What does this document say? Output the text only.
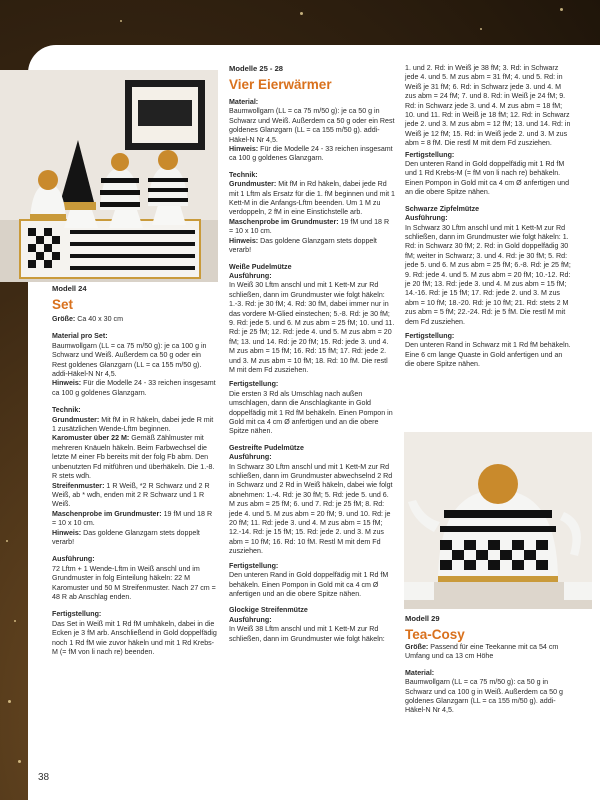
Modell 24

Set

Größe: Ca 40 x 30 cm

Material pro Set:

Baumwollgarn (LL = ca 75 m/50 g): je ca 100 g in Schwarz und Weiß. Außerdem ca 50 g oder ein Rest goldenes Glanzgarn (LL = ca 155 m/50 g). addi-Häkel-N Nr 4,5.

Hinweis: Für die Modelle 24 - 33 reichen insgesamt ca 100 g goldenes Glanzgarn.

Technik:

Grundmuster: Mit fM in R häkeln, dabei jede R mit 1 zusätzlichen Wende-Lftm beginnen.

Karomuster über 22 M: Gemäß Zählmuster mit mehreren Knäueln häkeln. Beim Farbwechsel die letzte M einer Fb bereits mit der folg Fb abm. Den unbenutzten Fd mitführen und überhäkeln. Die 1.-8. R stets wdh.

Streifenmuster: 1 R Weiß, *2 R Schwarz und 2 R Weiß, ab * wdh, enden mit 2 R Schwarz und 1 R Weiß.

Maschenprobe im Grundmuster: 19 fM und 18 R = 10 x 10 cm.

Hinweis: Das goldene Glanzgarn stets doppelt verarb!

Ausführung:

72 Lftm + 1 Wende-Lftm in Weiß anschl und im Grundmuster in folg Einteilung häkeln: 22 M Karomuster und 50 M Streifenmuster. Nach 27 cm = 48 R ab Anschlag enden.

Fertigstellung:

Das Set in Weiß mit 1 Rd fM umhäkeln, dabei in die Ecken je 3 fM arb. Anschließend in Gold doppelfädig noch 1 Rd fM wie zuvor häkeln und mit 1 Rd Krebs-M (= fM von li nach re) beenden.

Modelle 25 - 28

Vier Eierwärmer

Material:

Baumwollgarn (LL = ca 75 m/50 g): je ca 50 g in Schwarz und Weiß. Außerdem ca 50 g oder ein Rest goldenes Glanzgarn (LL = ca 155 m/50 g). addi-Häkel-N Nr 4,5.

Hinweis: Für die Modelle 24 - 33 reichen insgesamt ca 100 g goldenes Glanzgarn.

Technik:

Grundmuster: Mit fM in Rd häkeln, dabei jede Rd mit 1 Lftm als Ersatz für die 1. fM beginnen und mit 1 Kett-M in die Anfangs-Lftm beenden. Um 1 M zu verdoppeln, 2 fM in eine Einstichstelle arb.

Maschenprobe im Grundmuster: 19 fM und 18 R = 10 x 10 cm.

Hinweis: Das goldene Glanzgarn stets doppelt verarb!

Weiße Pudelmütze

Ausführung:

In Weiß 30 Lftm anschl und mit 1 Kett-M zur Rd schließen, dann im Grundmuster wie folgt häkeln: 1.-3. Rd: je 30 fM; 4. Rd: 30 fM, dabei immer nur in das vordere M-Glied einstechen; 5.-8. Rd: je 30 fM; 9. Rd: jede 5. und 6. M zus abm = 25 fM; 10. und 11. Rd: je 25 fM; 12. Rd: jede 4. und 5. M zus abm = 20 fM; 13. und 14. Rd: je 20 fM; 15. Rd: jede 3. und 4. M zus abm = 15 fM; 16. Rd: 15 fM; 17. Rd: jede 2. und 3. M zus abm = 10 fM; 18. Rd: 10 fM. Die restl M mit dem Fd zusziehen.

Fertigstellung:

Die ersten 3 Rd als Umschlag nach außen umschlagen, dann die Anschlagkante in Gold doppelfädig mit 1 Rd fM behäkeln. Einen Pompon in Gold mit ca 4 cm Ø anfertigen und an die obere Spitze nähen.

Gestreifte Pudelmütze

Ausführung:

In Schwarz 30 Lftm anschl und mit 1 Kett-M zur Rd schließen, dann im Grundmuster abwechselnd 2 Rd in Schwarz und 2 Rd in Weiß häkeln, dabei wie folgt abnehmen: 1.-4. Rd: je 30 fM; 5. Rd: jede 5. und 6. M zus abm = 25 fM; 6. und 7. Rd: je 25 fM; 8. Rd: jede 4. und 5. M zus abm = 20 fM; 9. und 10. Rd: je 20 fM; 11. Rd: jede 3. und 4. M zus abm = 15 fM; 12.-14. Rd: je 15 fM; 15. Rd: jede 2. und 3. M zus abm = 10 fM; 16. Rd: 10 fM. Restl M mit dem Fd zusziehen.

Fertigstellung:

Den unteren Rand in Gold doppelfädig mit 1 Rd fM behäkeln. Einen Pompon in Gold mit ca 4 cm Ø anfertigen und an die obere Spitze nähen.

Glockige Streifenmütze

Ausführung:

In Weiß 38 Lftm anschl und mit 1 Kett-M zur Rd schließen, dann im Grundmuster wie folgt häkeln:

1. und 2. Rd: in Weiß je 38 fM; 3. Rd: in Schwarz jede 4. und 5. M zus abm = 31 fM; 4. und 5. Rd: in Weiß je 31 fM; 6. Rd: in Schwarz jede 3. und 4. M zus abm = 24 fM; 7. und 8. Rd: in Weiß je 24 fM; 9. Rd: in Schwarz jede 3. und 4. M zus abm = 18 fM; 10. und 11. Rd: in Weiß je 18 fM; 12. Rd: in Schwarz jede 2. und 3. M zus abm = 12 fM; 13. und 14. Rd: in Weiß je 12 fM; 15. Rd: in Weiß jede 2. und 3. M zus abm = 8 fM. Die restl M mit dem Fd zusziehen.

Fertigstellung:

Den unteren Rand in Gold doppelfädig mit 1 Rd fM und 1 Rd Krebs-M (= fM von li nach re) behäkeln. Einen Pompon in Gold mit ca 4 cm Ø anfertigen und an die obere Spitze nähen.

Schwarze Zipfelmütze

Ausführung:

In Schwarz 30 Lftm anschl und mit 1 Kett-M zur Rd schließen, dann im Grundmuster wie folgt häkeln: 1. Rd: in Schwarz 30 fM; 2. Rd: in Gold doppelfädig 30 fM; weiter in Schwarz; 3. und 4. Rd: je 30 fM; 5. Rd: jede 5. und 6. M zus abm = 25 fM; 6.-8. Rd: je 25 fM; 9. Rd: jede 4. und 5. M zus abm = 20 fM; 10.-12. Rd: je 20 fM; 13. Rd: jede 3. und 4. M zus abm = 15 fM; 14.-16. Rd: je 15 fM; 17. Rd: jede 2. und 3. M zus abm = 10 fM; 18.-20. Rd: je 10 fM; 21. Rd: stets 2 M zus abm = 5 fM; 22.-24. Rd: je 5 fM. Die restl M mit dem Fd zusziehen.

Fertigstellung:

Den unteren Rand in Schwarz mit 1 Rd fM behäkeln. Eine 6 cm lange Quaste in Gold anfertigen und an die obere Spitze nähen.

Modell 29

Tea-Cosy

Größe: Passend für eine Teekanne mit ca 54 cm Umfang und ca 13 cm Höhe

Material:

Baumwollgarn (LL = ca 75 m/50 g): ca 50 g in Schwarz und ca 100 g in Weiß. Außerdem ca 50 g goldenes Glanzgarn (LL = ca 155 m/50 g). addi-Häkel-N Nr 4,5.

38
PassionForum.ru
